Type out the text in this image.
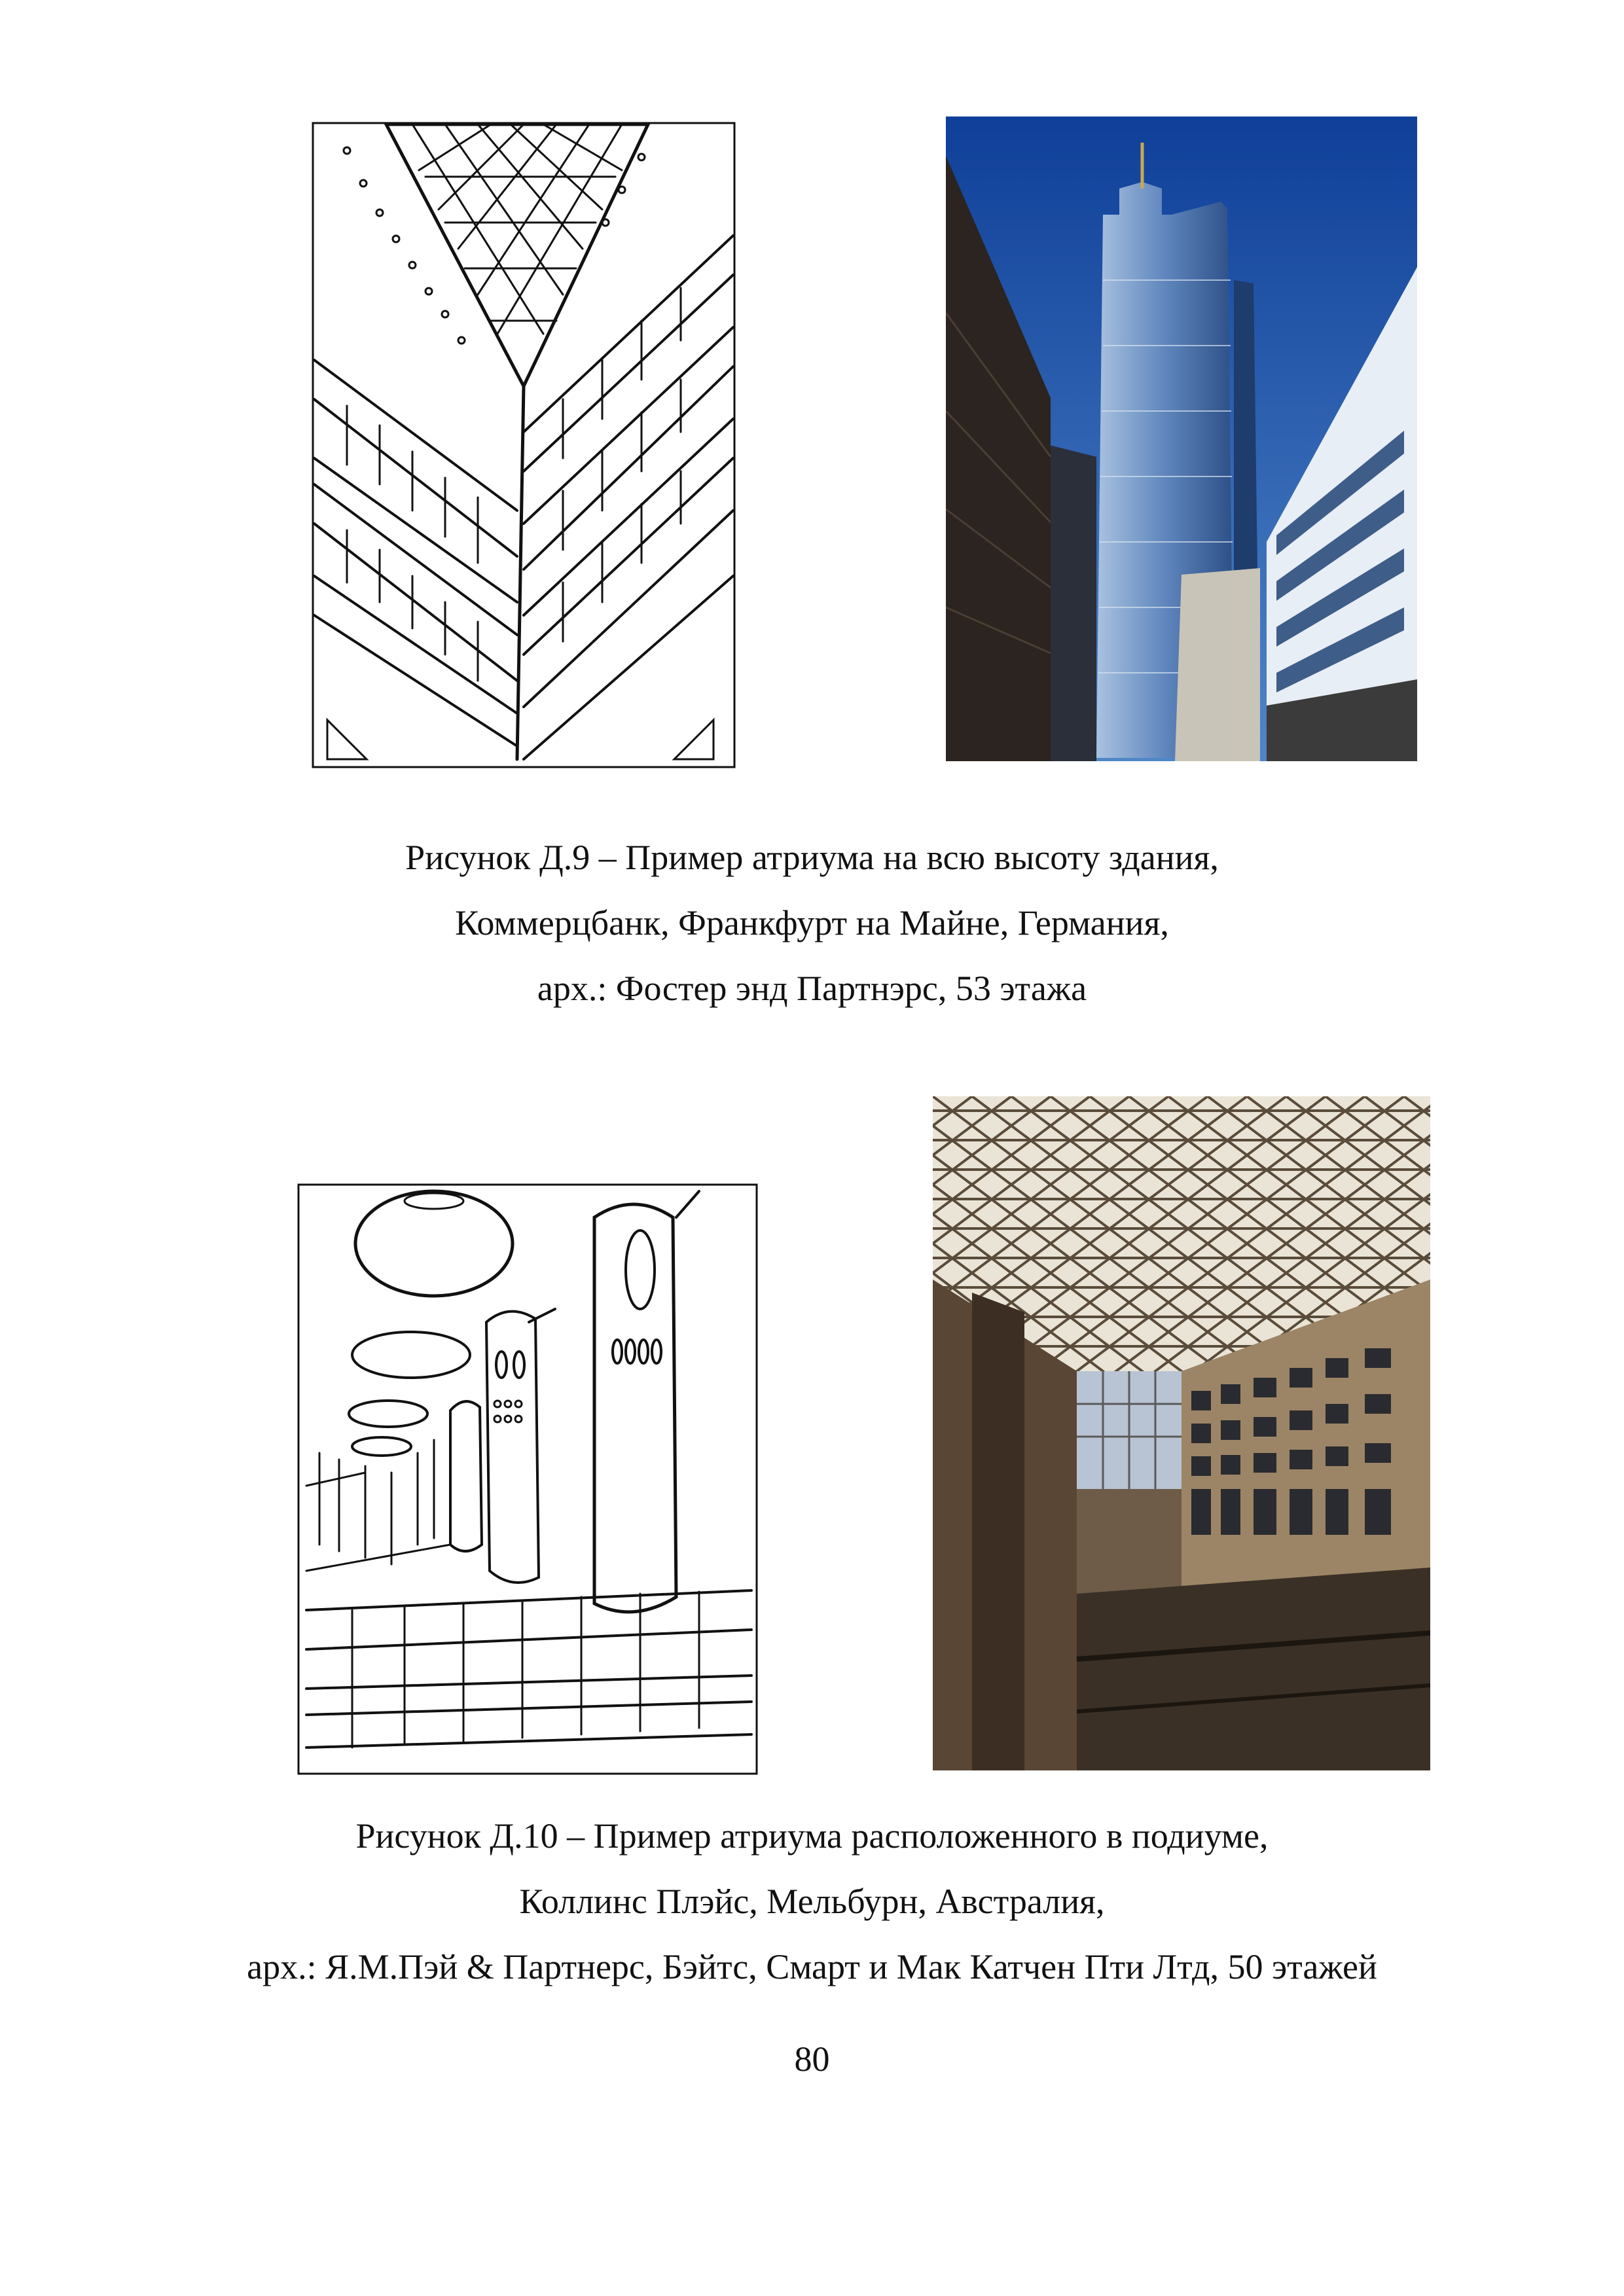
Рисунок Д.9 – Пример атриума на всю высоту здания,
Коммерцбанк, Франкфурт на Майне, Германия,
арх.: Фостер энд Партнэрс, 53 этажа
Рисунок Д.10 – Пример атриума расположенного в подиуме,
Коллинс Плэйс, Мельбурн, Австралия,
арх.: Я.М.Пэй & Партнерс, Бэйтс, Смарт и Мак Катчен Пти Лтд, 50 этажей
80
